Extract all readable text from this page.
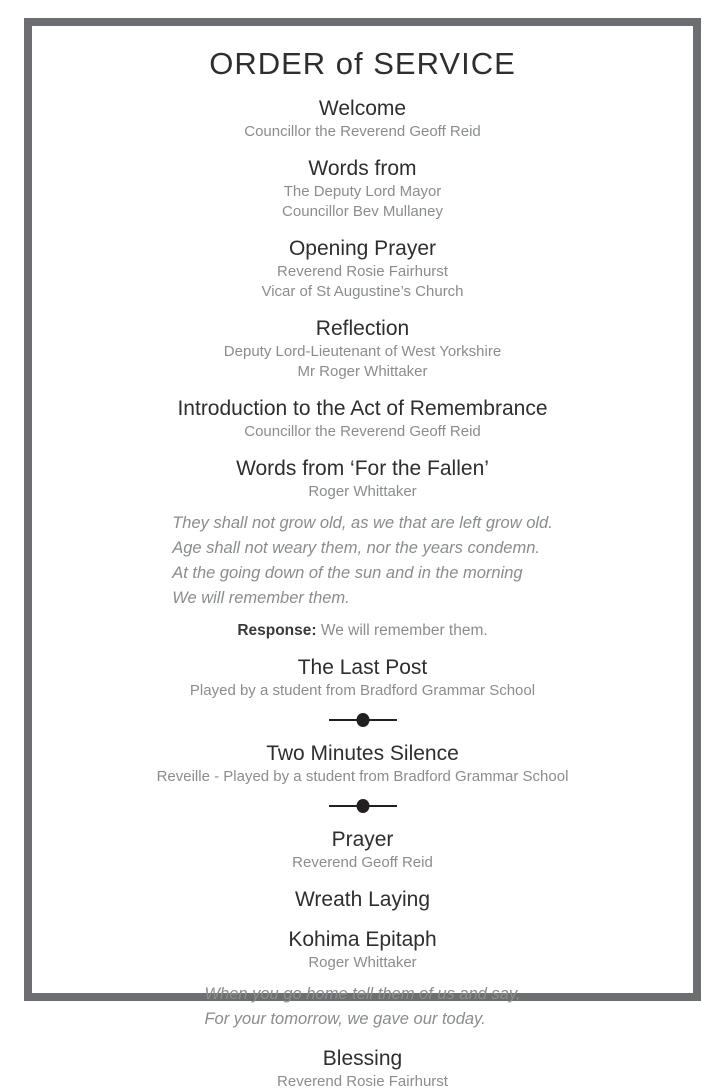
ORDER of SERVICE
Welcome
Councillor the Reverend Geoff Reid
Words from
The Deputy Lord Mayor
Councillor Bev Mullaney
Opening Prayer
Reverend Rosie Fairhurst
Vicar of St Augustine’s Church
Reflection
Deputy Lord-Lieutenant of West Yorkshire
Mr Roger Whittaker
Introduction to the Act of Remembrance
Councillor the Reverend Geoff Reid
Words from ‘For the Fallen’
Roger Whittaker
They shall not grow old, as we that are left grow old.
Age shall not weary them, nor the years condemn.
At the going down of the sun and in the morning
We will remember them.
Response: We will remember them.
The Last Post
Played by a student from Bradford Grammar School
Two Minutes Silence
Reveille - Played by a student from Bradford Grammar School
Prayer
Reverend Geoff Reid
Wreath Laying
Kohima Epitaph
Roger Whittaker
When you go home tell them of us and say,
For your tomorrow, we gave our today.
Blessing
Reverend Rosie Fairhurst
